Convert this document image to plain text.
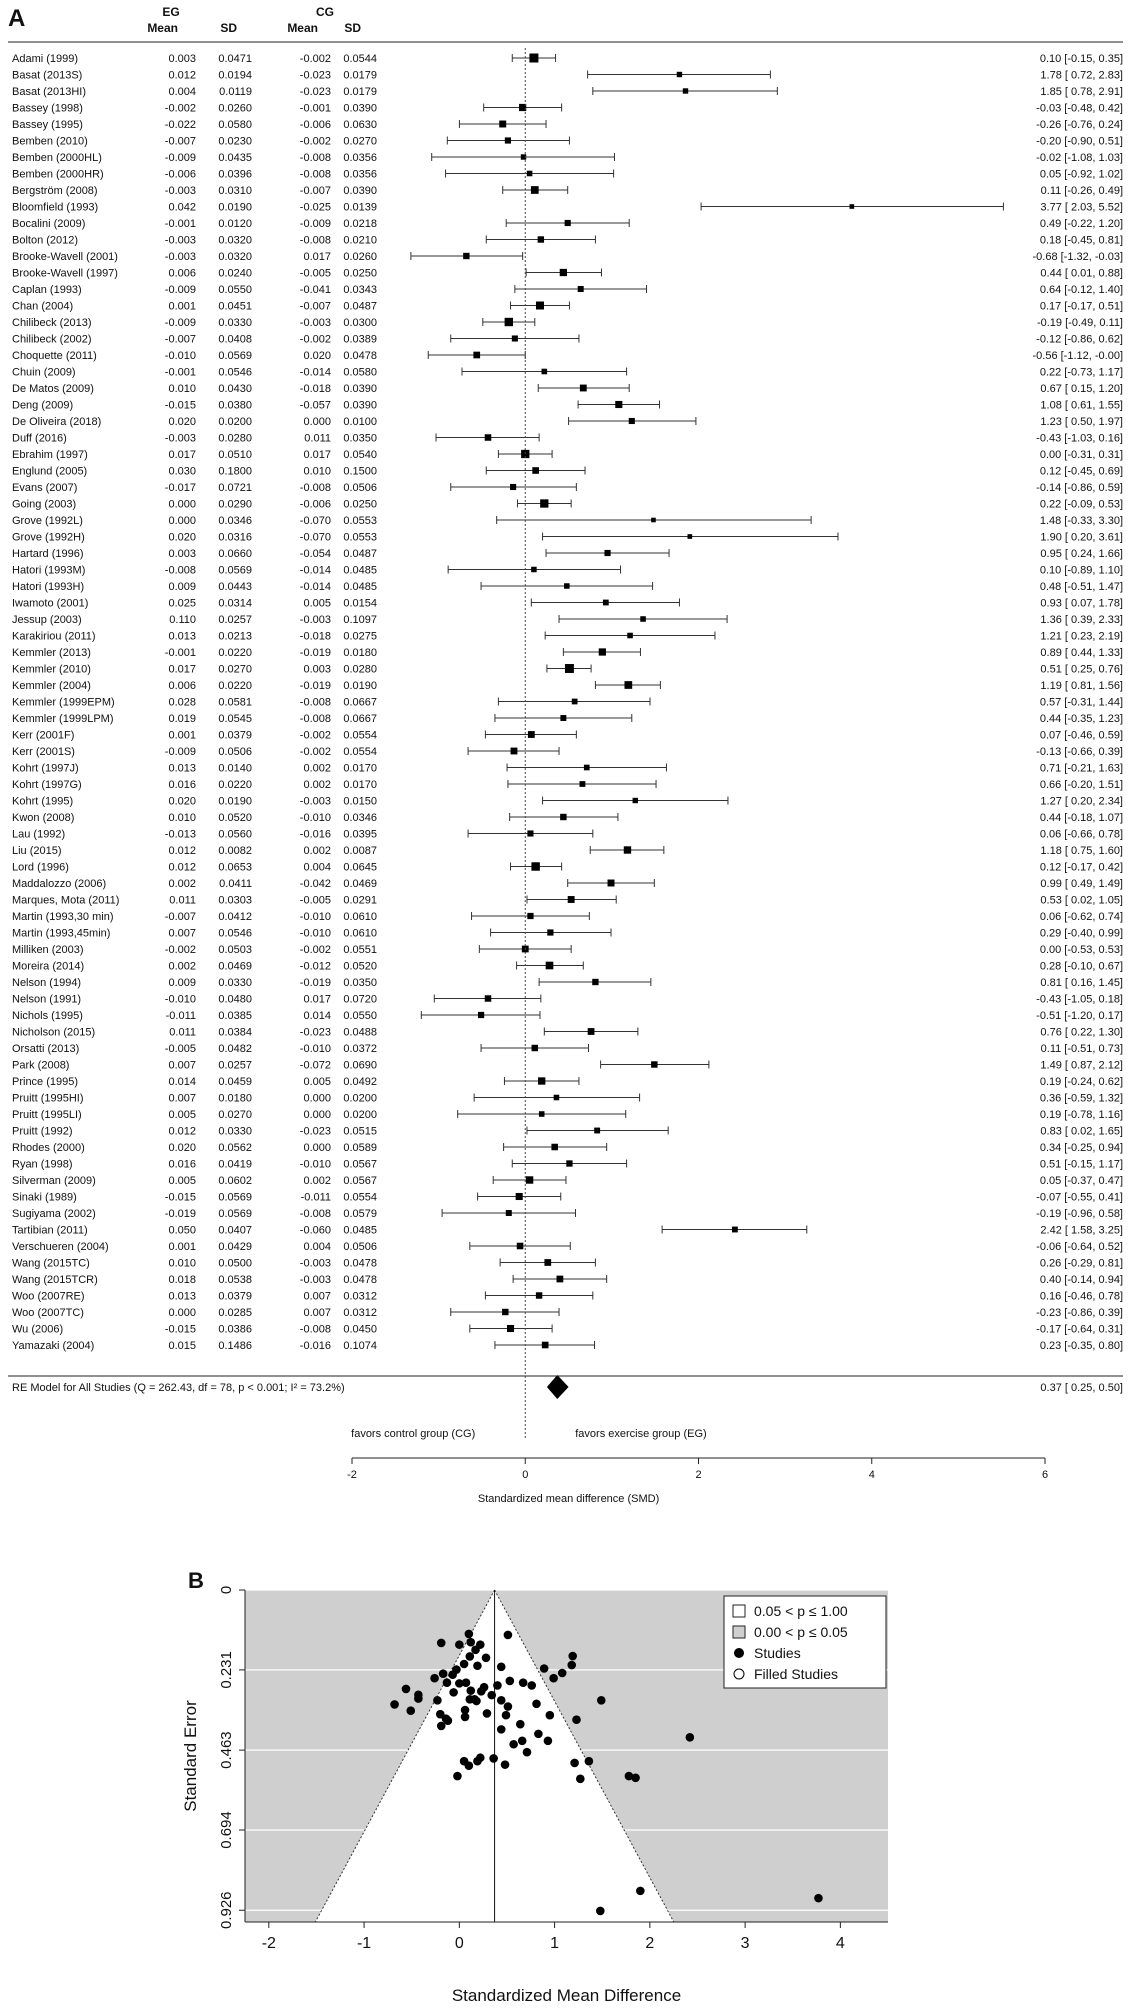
A	EG	CG
Mean	SD	Mean SD
Adami (1999)	0.003 0.0471	-0.002 0.0544	0.10 [-0.15, 0.35]
Basat (2013S)	0.012 0.0194	-0.023 0.0179	1.78 [ 0.72, 2.83]
Basat (2013HI)	0.004 0.0119	-0.023 0.0179	1.85 [ 0.78, 2.91]
Bassey (1998)	-0.002 0.0260	-0.001 0.0390	-0.03 [-0.48, 0.42]
Bassey (1995)	-0.022 0.0580	-0.006 0.0630	-0.26 [-0.76, 0.24]
Bemben (2010)	-0.007 0.0230	-0.002 0.0270	-0.20 [-0.90, 0.51]
Bemben (2000HL)	-0.009 0.0435	-0.008 0.0356	-0.02 [-1.08, 1.03]
Bemben (2000HR)	-0.006 0.0396	-0.008 0.0356	0.05 [-0.92, 1.02]
Bergström (2008)	-0.003 0.0310	-0.007 0.0390	0.11 [-0.26, 0.49]
Bloomfield (1993)	0.042 0.0190	-0.025 0.0139	3.77 [ 2.03, 5.52]
Bocalini (2009)	-0.001 0.0120	-0.009 0.0218	0.49 [-0.22, 1.20]
Bolton (2012)	-0.003 0.0320	-0.008 0.0210	0.18 [-0.45, 0.81]
Brooke-Wavell (2001)	-0.003 0.0320	0.017 0.0260	-0.68 [-1.32, -0.03]
Brooke-Wavell (1997)	0.006 0.0240	-0.005 0.0250	0.44 [ 0.01, 0.88]
Caplan (1993)	-0.009 0.0550	-0.041 0.0343	0.64 [-0.12, 1.40]
Chan (2004)	0.001 0.0451	-0.007 0.0487	0.17 [-0.17, 0.51]
Chilibeck (2013)	-0.009 0.0330	-0.003 0.0300	-0.19 [-0.49, 0.11]
Chilibeck (2002)	-0.007 0.0408	-0.002 0.0389	-0.12 [-0.86, 0.62]
Choquette (2011)	-0.010 0.0569	0.020 0.0478	-0.56 [-1.12, -0.00]
Chuin (2009)	-0.001 0.0546	-0.014 0.0580	0.22 [-0.73, 1.17]
De Matos (2009)	0.010 0.0430	-0.018 0.0390	0.67 [ 0.15, 1.20]
Deng (2009)	-0.015 0.0380	-0.057 0.0390	1.08 [ 0.61, 1.55]
De Oliveira (2018)	0.020 0.0200	0.000 0.0100	1.23 [ 0.50, 1.97]
Duff (2016)	-0.003 0.0280	0.011 0.0350	-0.43 [-1.03, 0.16]
Ebrahim (1997)	0.017 0.0510	0.017 0.0540	0.00 [-0.31, 0.31]
Englund (2005)	0.030 0.1800	0.010 0.1500	0.12 [-0.45, 0.69]
Evans (2007)	-0.017 0.0721	-0.008 0.0506	-0.14 [-0.86, 0.59]
Going (2003)	0.000 0.0290	-0.006 0.0250	0.22 [-0.09, 0.53]
Grove (1992L)	0.000 0.0346	-0.070 0.0553	1.48 [-0.33, 3.30]
Grove (1992H)	0.020 0.0316	-0.070 0.0553	1.90 [ 0.20, 3.61]
Hartard (1996)	0.003 0.0660	-0.054 0.0487	0.95 [ 0.24, 1.66]
Hatori (1993M)	-0.008 0.0569	-0.014 0.0485	0.10 [-0.89, 1.10]
Hatori (1993H)	0.009 0.0443	-0.014 0.0485	0.48 [-0.51, 1.47]
Iwamoto (2001)	0.025 0.0314	0.005 0.0154	0.93 [ 0.07, 1.78]
Jessup (2003)	0.110 0.0257	-0.003 0.1097	1.36 [ 0.39, 2.33]
Karakiriou (2011)	0.013 0.0213	-0.018 0.0275	1.21 [ 0.23, 2.19]
Kemmler (2013)	-0.001 0.0220	-0.019 0.0180	0.89 [ 0.44, 1.33]
Kemmler (2010)	0.017 0.0270	0.003 0.0280	0.51 [ 0.25, 0.76]
Kemmler (2004)	0.006 0.0220	-0.019 0.0190	1.19 [ 0.81, 1.56]
Kemmler (1999EPM)	0.028 0.0581	-0.008 0.0667	0.57 [-0.31, 1.44]
Kemmler (1999LPM)	0.019 0.0545	-0.008 0.0667	0.44 [-0.35, 1.23]
Kerr (2001F)	0.001 0.0379	-0.002 0.0554	0.07 [-0.46, 0.59]
Kerr (2001S)	-0.009 0.0506	-0.002 0.0554	-0.13 [-0.66, 0.39]
Kohrt (1997J)	0.013 0.0140	0.002 0.0170	0.71 [-0.21, 1.63]
Kohrt (1997G)	0.016 0.0220	0.002 0.0170	0.66 [-0.20, 1.51]
Kohrt (1995)	0.020 0.0190	-0.003 0.0150	1.27 [ 0.20, 2.34]
Kwon (2008)	0.010 0.0520	-0.010 0.0346	0.44 [-0.18, 1.07]
Lau (1992)	-0.013 0.0560	-0.016 0.0395	0.06 [-0.66, 0.78]
Liu (2015)	0.012 0.0082	0.002 0.0087	1.18 [ 0.75, 1.60]
Lord (1996)	0.012 0.0653	0.004 0.0645	0.12 [-0.17, 0.42]
Maddalozzo (2006)	0.002 0.0411	-0.042 0.0469	0.99 [ 0.49, 1.49]
Marques, Mota (2011)	0.011 0.0303	-0.005 0.0291	0.53 [ 0.02, 1.05]
Martin (1993,30 min)	-0.007 0.0412	-0.010 0.0610	0.06 [-0.62, 0.74]
Martin (1993,45min)	0.007 0.0546	-0.010 0.0610	0.29 [-0.40, 0.99]
Milliken (2003)	-0.002 0.0503	-0.002 0.0551	0.00 [-0.53, 0.53]
Moreira (2014)	0.002 0.0469	-0.012 0.0520	0.28 [-0.10, 0.67]
Nelson (1994)	0.009 0.0330	-0.019 0.0350	0.81 [ 0.16, 1.45]
Nelson (1991)	-0.010 0.0480	0.017 0.0720	-0.43 [-1.05, 0.18]
Nichols (1995)	-0.011 0.0385	0.014 0.0550	-0.51 [-1.20, 0.17]
Nicholson (2015)	0.011 0.0384	-0.023 0.0488	0.76 [ 0.22, 1.30]
Orsatti (2013)	-0.005 0.0482	-0.010 0.0372	0.11 [-0.51, 0.73]
Park (2008)	0.007 0.0257	-0.072 0.0690	1.49 [ 0.87, 2.12]
Prince (1995)	0.014 0.0459	0.005 0.0492	0.19 [-0.24, 0.62]
Pruitt (1995HI)	0.007 0.0180	0.000 0.0200	0.36 [-0.59, 1.32]
Pruitt (1995LI)	0.005 0.0270	0.000 0.0200	0.19 [-0.78, 1.16]
Pruitt (1992)	0.012 0.0330	-0.023 0.0515	0.83 [ 0.02, 1.65]
Rhodes (2000)	0.020 0.0562	0.000 0.0589	0.34 [-0.25, 0.94]
Ryan (1998)	0.016 0.0419	-0.010 0.0567	0.51 [-0.15, 1.17]
Silverman (2009)	0.005 0.0602	0.002 0.0567	0.05 [-0.37, 0.47]
Sinaki (1989)	-0.015 0.0569	-0.011 0.0554	-0.07 [-0.55, 0.41]
Sugiyama (2002)	-0.019 0.0569	-0.008 0.0579	-0.19 [-0.96, 0.58]
Tartibian (2011)	0.050 0.0407	-0.060 0.0485	2.42 [ 1.58, 3.25]
Verschueren (2004)	0.001 0.0429	0.004 0.0506	-0.06 [-0.64, 0.52]
Wang (2015TC)	0.010 0.0500	-0.003 0.0478	0.26 [-0.29, 0.81]
Wang (2015TCR)	0.018 0.0538	-0.003 0.0478	0.40 [-0.14, 0.94]
Woo (2007RE)	0.013 0.0379	0.007 0.0312	0.16 [-0.46, 0.78]
Woo (2007TC)	0.000 0.0285	0.007 0.0312	-0.23 [-0.86, 0.39]
Wu (2006)	-0.015 0.0386	-0.008 0.0450	-0.17 [-0.64, 0.31]
Yamazaki (2004)	0.015 0.1486	-0.016 0.1074	0.23 [-0.35, 0.80]
RE Model for All Studies (Q = 262.43, df = 78, p < 0.001; I² = 73.2%)	0.37 [ 0.25, 0.50]
favors control group (CG)	favors exercise group (EG)
-2	0	2	4	6
Standardized mean difference (SMD)
B 0
0.231
0.463
0.694
0.926
-2	-1	0	1	2	3	4
Standard Error
Standardized Mean Difference
0.05 < p ≤ 1.00
0.00 < p ≤ 0.05
Studies
Filled Studies
